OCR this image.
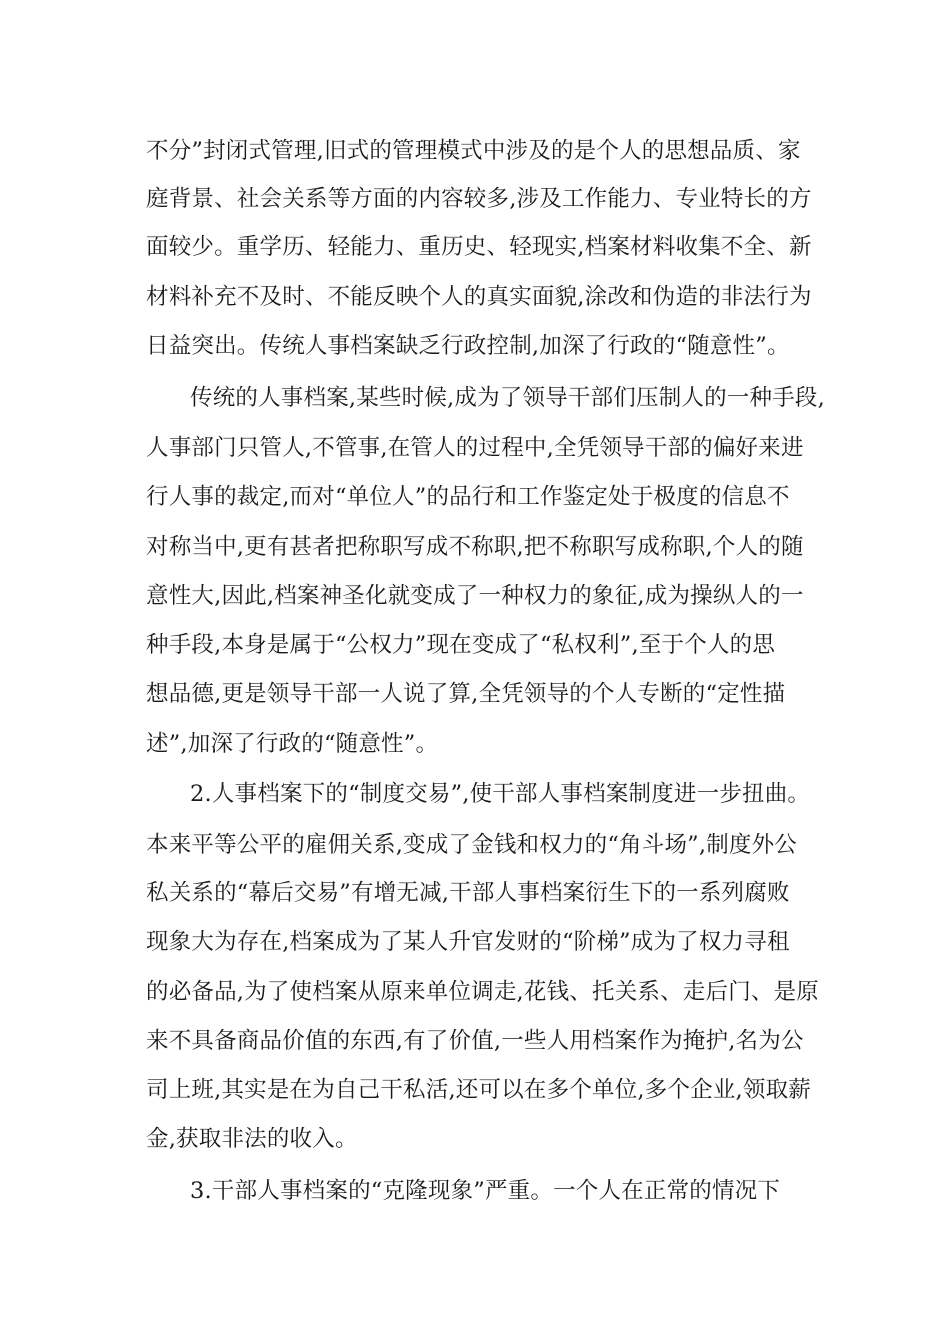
不分”封闭式管理,旧式的管理模式中涉及的是个人的思想品质、家
庭背景、社会关系等方面的内容较多,涉及工作能力、专业特长的方
面较少。重学历、轻能力、重历史、轻现实,档案材料收集不全、新
材料补充不及时、不能反映个人的真实面貌,涂改和伪造的非法行为
日益突出。传统人事档案缺乏行政控制,加深了行政的“随意性”。
传统的人事档案,某些时候,成为了领导干部们压制人的一种手段,
人事部门只管人,不管事,在管人的过程中,全凭领导干部的偏好来进
行人事的裁定,而对“单位人”的品行和工作鉴定处于极度的信息不
对称当中,更有甚者把称职写成不称职,把不称职写成称职,个人的随
意性大,因此,档案神圣化就变成了一种权力的象征,成为操纵人的一
种手段,本身是属于“公权力”现在变成了“私权利”,至于个人的思
想品德,更是领导干部一人说了算,全凭领导的个人专断的“定性描
述”,加深了行政的“随意性”。
2.人事档案下的“制度交易”,使干部人事档案制度进一步扭曲。
本来平等公平的雇佣关系,变成了金钱和权力的“角斗场”,制度外公
私关系的“幕后交易”有增无减,干部人事档案衍生下的一系列腐败
现象大为存在,档案成为了某人升官发财的“阶梯”成为了权力寻租
的必备品,为了使档案从原来单位调走,花钱、托关系、走后门、是原
来不具备商品价值的东西,有了价值,一些人用档案作为掩护,名为公
司上班,其实是在为自己干私活,还可以在多个单位,多个企业,领取薪
金,获取非法的收入。
3.干部人事档案的“克隆现象”严重。一个人在正常的情况下
